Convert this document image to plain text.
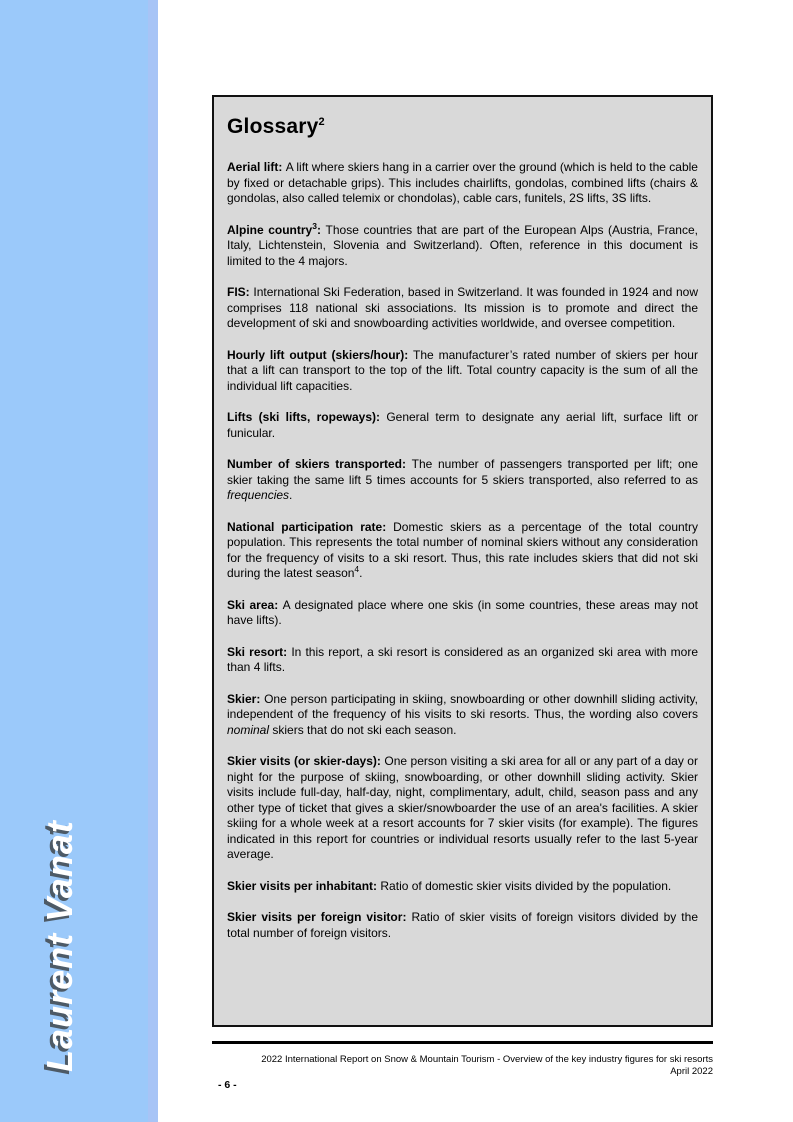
Laurent Vanat
Glossary$^2$

Aerial lift: A lift where skiers hang in a carrier over the ground (which is held to the cable by fixed or detachable grips). This includes chairlifts, gondolas, combined lifts (chairs & gondolas, also called telemix or chondolas), cable cars, funitels, 2S lifts, 3S lifts.

Alpine country$^3$: Those countries that are part of the European Alps (Austria, France, Italy, Lichtenstein, Slovenia and Switzerland). Often, reference in this document is limited to the 4 majors.

FIS: International Ski Federation, based in Switzerland. It was founded in 1924 and now comprises 118 national ski associations. Its mission is to promote and direct the development of ski and snowboarding activities worldwide, and oversee competition.

Hourly lift output (skiers/hour): The manufacturer’s rated number of skiers per hour that a lift can transport to the top of the lift. Total country capacity is the sum of all the individual lift capacities.

Lifts (ski lifts, ropeways): General term to designate any aerial lift, surface lift or funicular.

Number of skiers transported: The number of passengers transported per lift; one skier taking the same lift 5 times accounts for 5 skiers transported, also referred to as frequencies.

National participation rate: Domestic skiers as a percentage of the total country population. This represents the total number of nominal skiers without any consideration for the frequency of visits to a ski resort. Thus, this rate includes skiers that did not ski during the latest season$^4$.

Ski area: A designated place where one skis (in some countries, these areas may not have lifts).

Ski resort: In this report, a ski resort is considered as an organized ski area with more than 4 lifts.

Skier: One person participating in skiing, snowboarding or other downhill sliding activity, independent of the frequency of his visits to ski resorts. Thus, the wording also covers nominal skiers that do not ski each season.

Skier visits (or skier-days): One person visiting a ski area for all or any part of a day or night for the purpose of skiing, snowboarding, or other downhill sliding activity. Skier visits include full-day, half-day, night, complimentary, adult, child, season pass and any other type of ticket that gives a skier/snowboarder the use of an area's facilities. A skier skiing for a whole week at a resort accounts for 7 skier visits (for example). The figures indicated in this report for countries or individual resorts usually refer to the last 5-year average.

Skier visits per inhabitant: Ratio of domestic skier visits divided by the population.

Skier visits per foreign visitor: Ratio of skier visits of foreign visitors divided by the total number of foreign visitors.

2022 International Report on Snow & Mountain Tourism - Overview of the key industry figures for ski resorts
April 2022
- 6 -
